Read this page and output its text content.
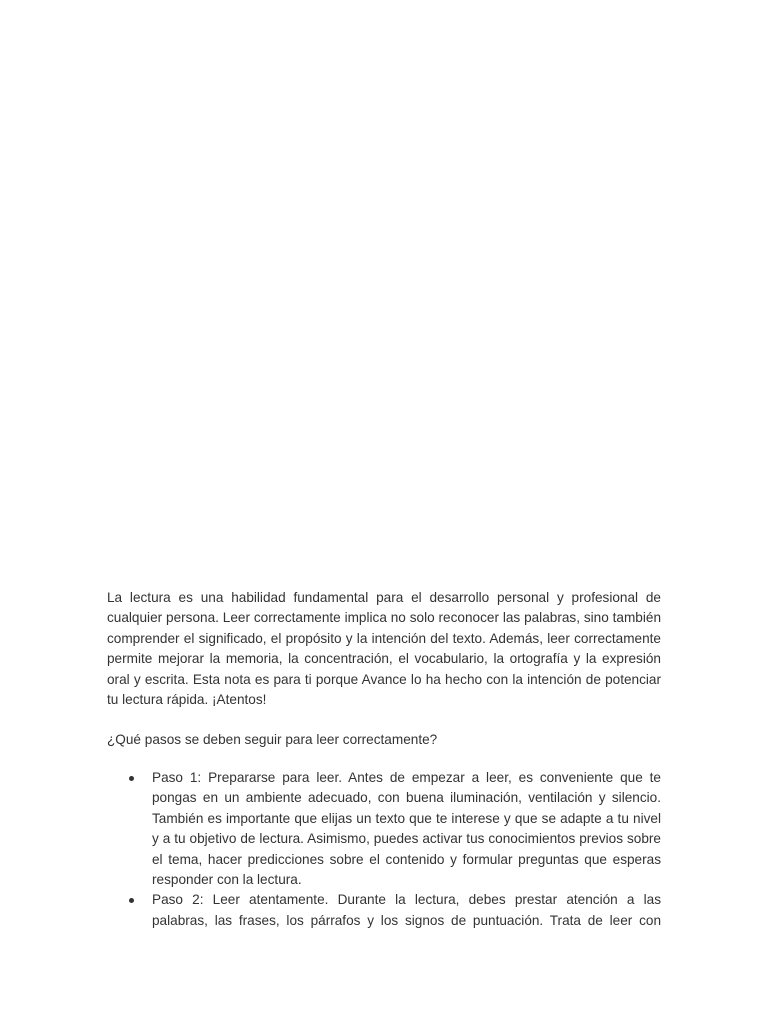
La lectura es una habilidad fundamental para el desarrollo personal y profesional de cualquier persona. Leer correctamente implica no solo reconocer las palabras, sino también comprender el significado, el propósito y la intención del texto. Además, leer correctamente permite mejorar la memoria, la concentración, el vocabulario, la ortografía y la expresión oral y escrita. Esta nota es para ti porque Avance lo ha hecho con la intención de potenciar tu lectura rápida. ¡Atentos!

¿Qué pasos se deben seguir para leer correctamente?

Paso 1: Prepararse para leer. Antes de empezar a leer, es conveniente que te pongas en un ambiente adecuado, con buena iluminación, ventilación y silencio. También es importante que elijas un texto que te interese y que se adapte a tu nivel y a tu objetivo de lectura. Asimismo, puedes activar tus conocimientos previos sobre el tema, hacer predicciones sobre el contenido y formular preguntas que esperas responder con la lectura.
Paso 2: Leer atentamente. Durante la lectura, debes prestar atención a las palabras, las frases, los párrafos y los signos de puntuación. Trata de leer con
